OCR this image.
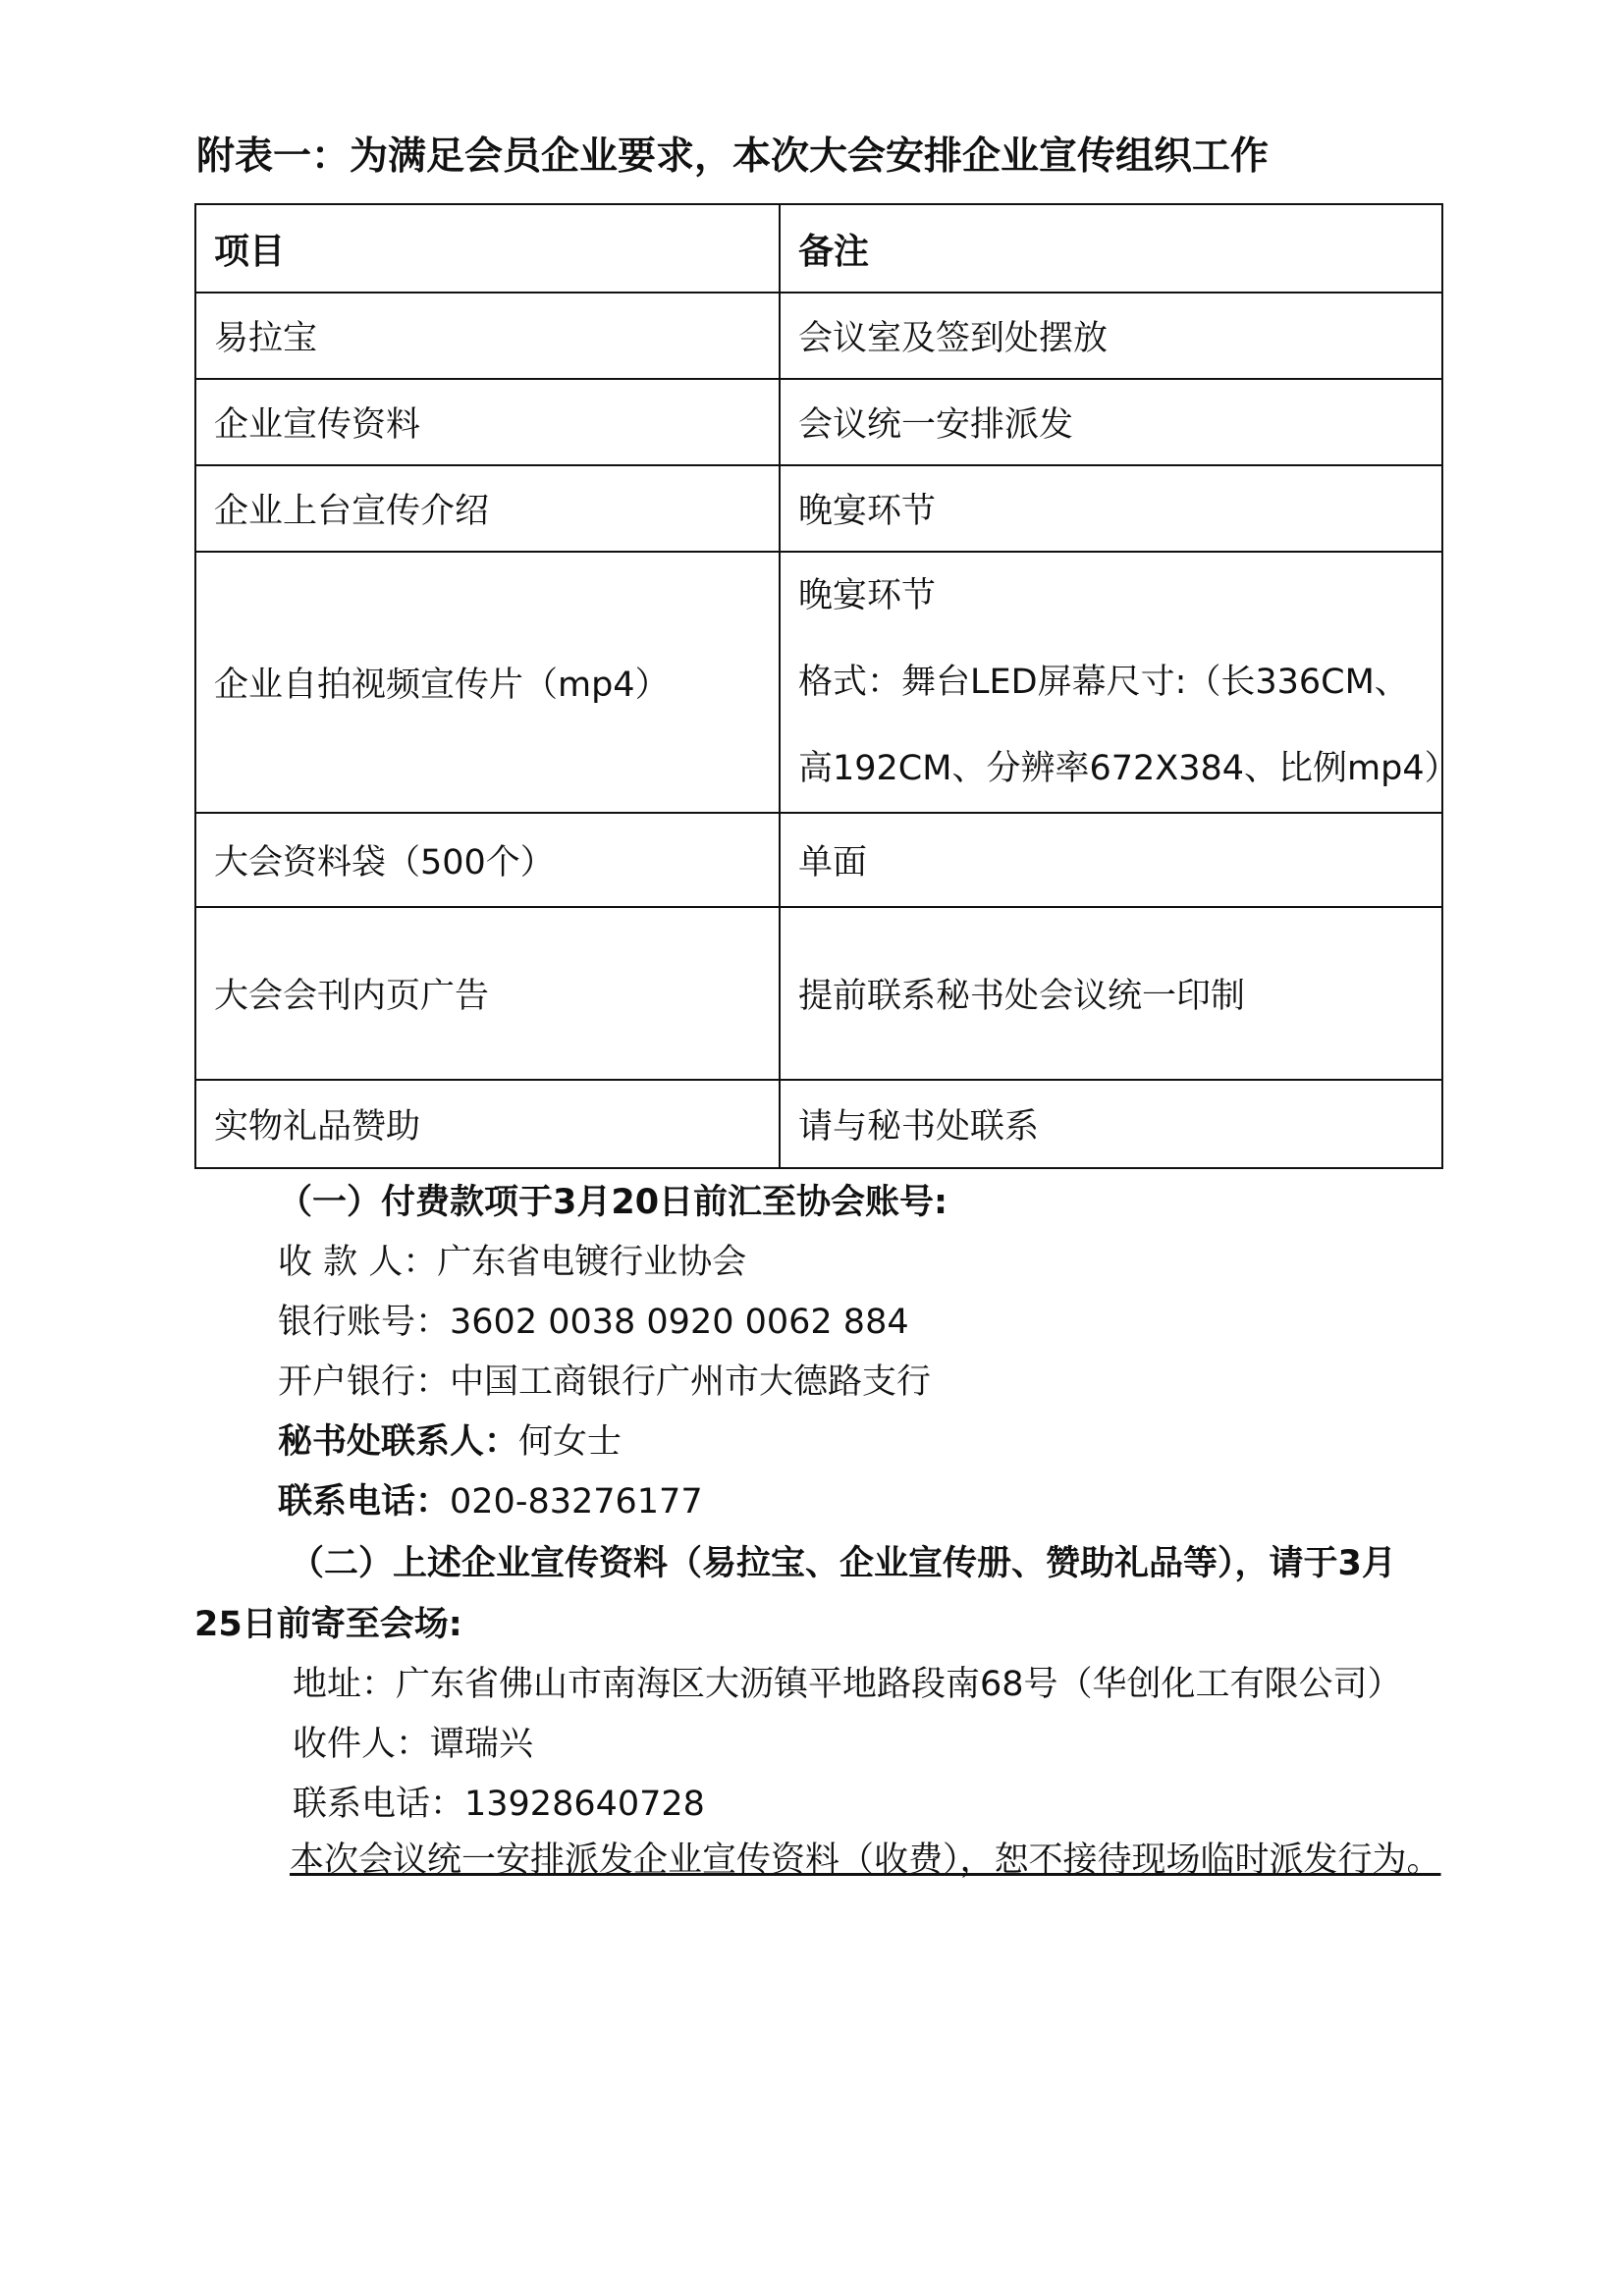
附表一：为满足会员企业要求，本次大会安排企业宣传组织工作
项目	备注
易拉宝	会议室及签到处摆放
企业宣传资料	会议统一安排派发
企业上台宣传介绍	晚宴环节
企业自拍视频宣传片（mp4）	晚宴环节
格式：舞台LED屏幕尺寸:（长336CM、
高192CM、分辨率672X384、比例mp4）

大会资料袋（500个）	单面
大会会刊内页广告	提前联系秘书处会议统一印制
实物礼品赞助	请与秘书处联系
（一）付费款项于3月20日前汇至协会账号:
收 款 人：广东省电镀行业协会
银行账号：3602 0038 0920 0062 884
开户银行：中国工商银行广州市大德路支行
秘书处联系人：何女士
联系电话：020-83276177
（二）上述企业宣传资料（易拉宝、企业宣传册、赞助礼品等），请于3月25日前寄至会场:
地址：广东省佛山市南海区大沥镇平地路段南68号（华创化工有限公司）
收件人：谭瑞兴
联系电话：13928640728
本次会议统一安排派发企业宣传资料（收费），恕不接待现场临时派发行为。
